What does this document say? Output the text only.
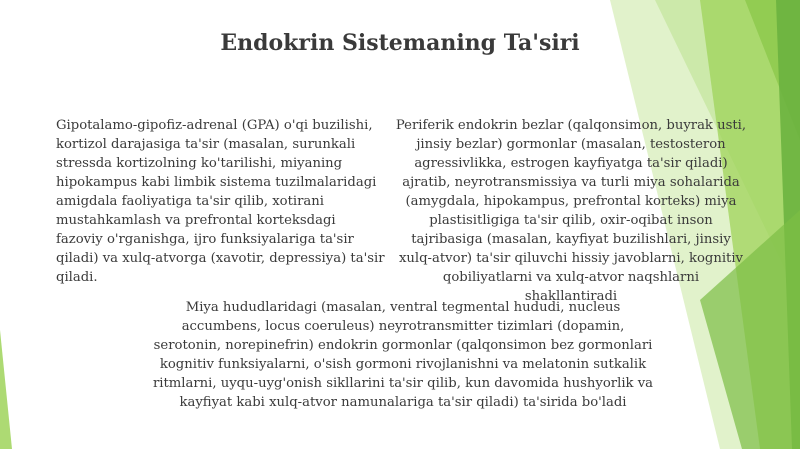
Endokrin Sistemaning Ta'siri
Gipotalamo-gipofiz-adrenal (GPA) o'qi buzilishi, kortizol darajasiga ta'sir (masalan, surunkali stressda kortizolning ko'tarilishi, miyaning hipokampus kabi limbik sistema tuzilmalaridagi amigdala faoliyatiga ta'sir qilib, xotirani mustahkamlash va prefrontal korteksdagi fazoviy o'rganishga, ijro funksiyalariga ta'sir qiladi) va xulq-atvorga (xavotir, depressiya) ta'sir qiladi.
Periferik endokrin bezlar (qalqonsimon, buyrak usti, jinsiy bezlar) gormonlar (masalan, testosteron agressivlikka, estrogen kayfiyatga ta'sir qiladi) ajratib, neyrotransmissiya va turli miya sohalarida (amygdala, hipokampus, prefrontal korteks) miya plastisitligiga ta'sir qilib, oxir-oqibat inson tajribasiga (masalan, kayfiyat buzilishlari, jinsiy xulq-atvor) ta'sir qiluvchi hissiy javoblarni, kognitiv qobiliyatlarni va xulq-atvor naqshlarni shakllantiradi
Miya hududlaridagi (masalan, ventral tegmental hududi, nucleus accumbens, locus coeruleus) neyrotransmitter tizimlari (dopamin, serotonin, norepinefrin) endokrin gormonlar (qalqonsimon bez gormonlari kognitiv funksiyalarni, o'sish gormoni rivojlanishni va melatonin sutkalik ritmlarni, uyqu-uyg'onish sikllarini ta'sir qilib, kun davomida hushyorlik va kayfiyat kabi xulq-atvor namunalariga ta'sir qiladi) ta'sirida bo'ladi
